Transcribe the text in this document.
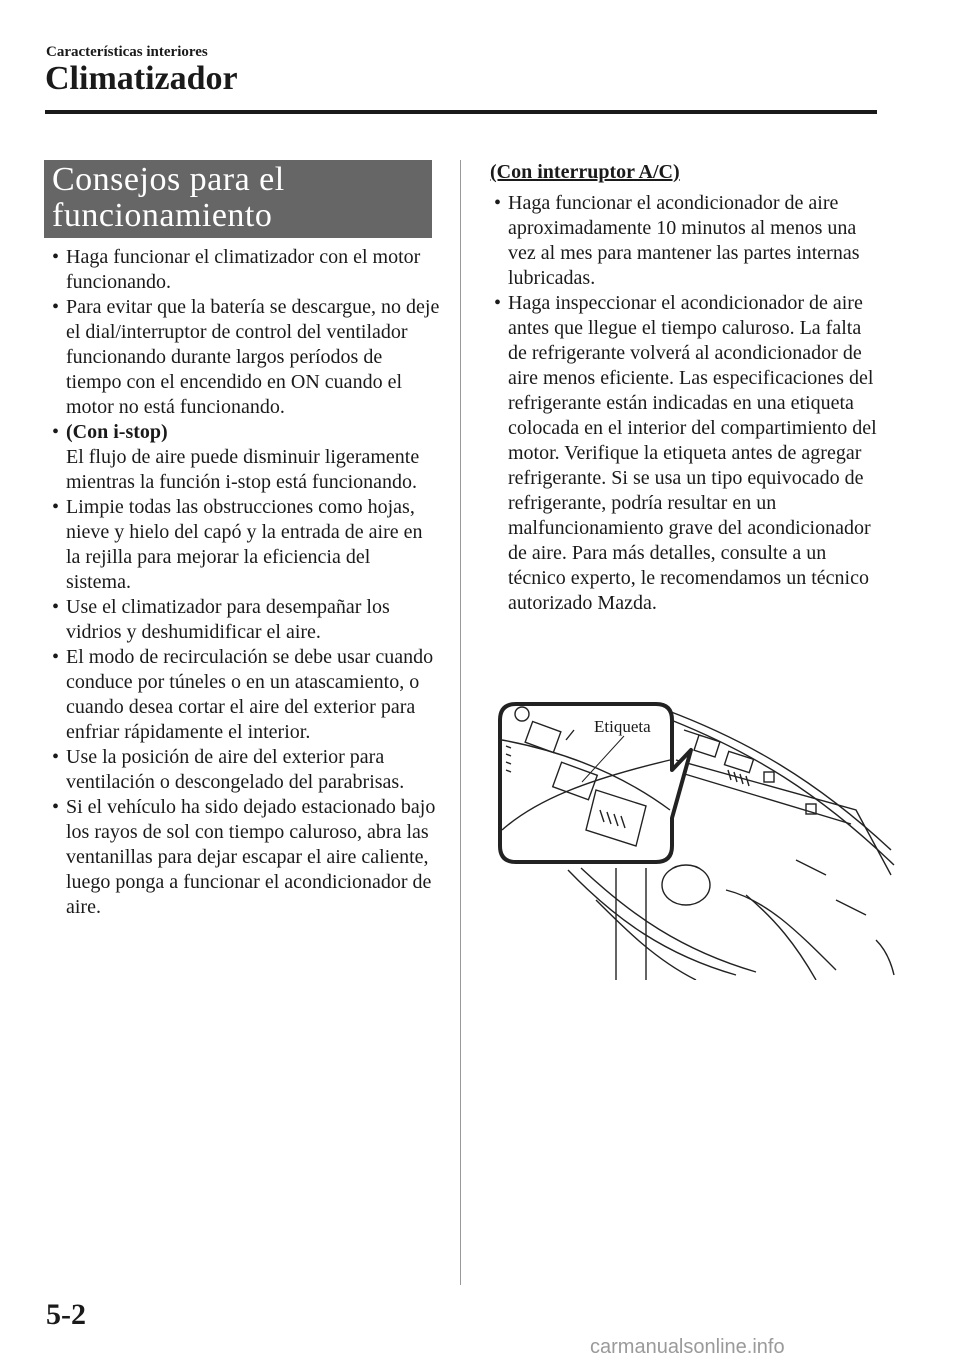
Características interiores
Climatizador
Consejos para el
funcionamiento
• Haga funcionar el climatizador con el motor funcionando.
• Para evitar que la batería se descargue, no deje el dial/interruptor de control del ventilador funcionando durante largos períodos de tiempo con el encendido en ON cuando el motor no está funcionando.
• (Con i-stop)
El flujo de aire puede disminuir ligeramente mientras la función i-stop está funcionando.
• Limpie todas las obstrucciones como hojas, nieve y hielo del capó y la entrada de aire en la rejilla para mejorar la eficiencia del sistema.
• Use el climatizador para desempañar los vidrios y deshumidificar el aire.
• El modo de recirculación se debe usar cuando conduce por túneles o en un atascamiento, o cuando desea cortar el aire del exterior para enfriar rápidamente el interior.
• Use la posición de aire del exterior para ventilación o descongelado del parabrisas.
• Si el vehículo ha sido dejado estacionado bajo los rayos de sol con tiempo caluroso, abra las ventanillas para dejar escapar el aire caliente, luego ponga a funcionar el acondicionador de aire.

(Con interruptor A/C)

• Haga funcionar el acondicionador de aire aproximadamente 10 minutos al menos una vez al mes para mantener las partes internas lubricadas.
• Haga inspeccionar el acondicionador de aire antes que llegue el tiempo caluroso. La falta de refrigerante volverá al acondicionador de aire menos eficiente. Las especificaciones del refrigerante están indicadas en una etiqueta colocada en el interior del compartimiento del motor. Verifique la etiqueta antes de agregar refrigerante. Si se usa un tipo equivocado de refrigerante, podría resultar en un malfuncionamiento grave del acondicionador de aire. Para más detalles, consulte a un técnico experto, le recomendamos un técnico autorizado Mazda.
Etiqueta
5-2
carmanualsonline.info
